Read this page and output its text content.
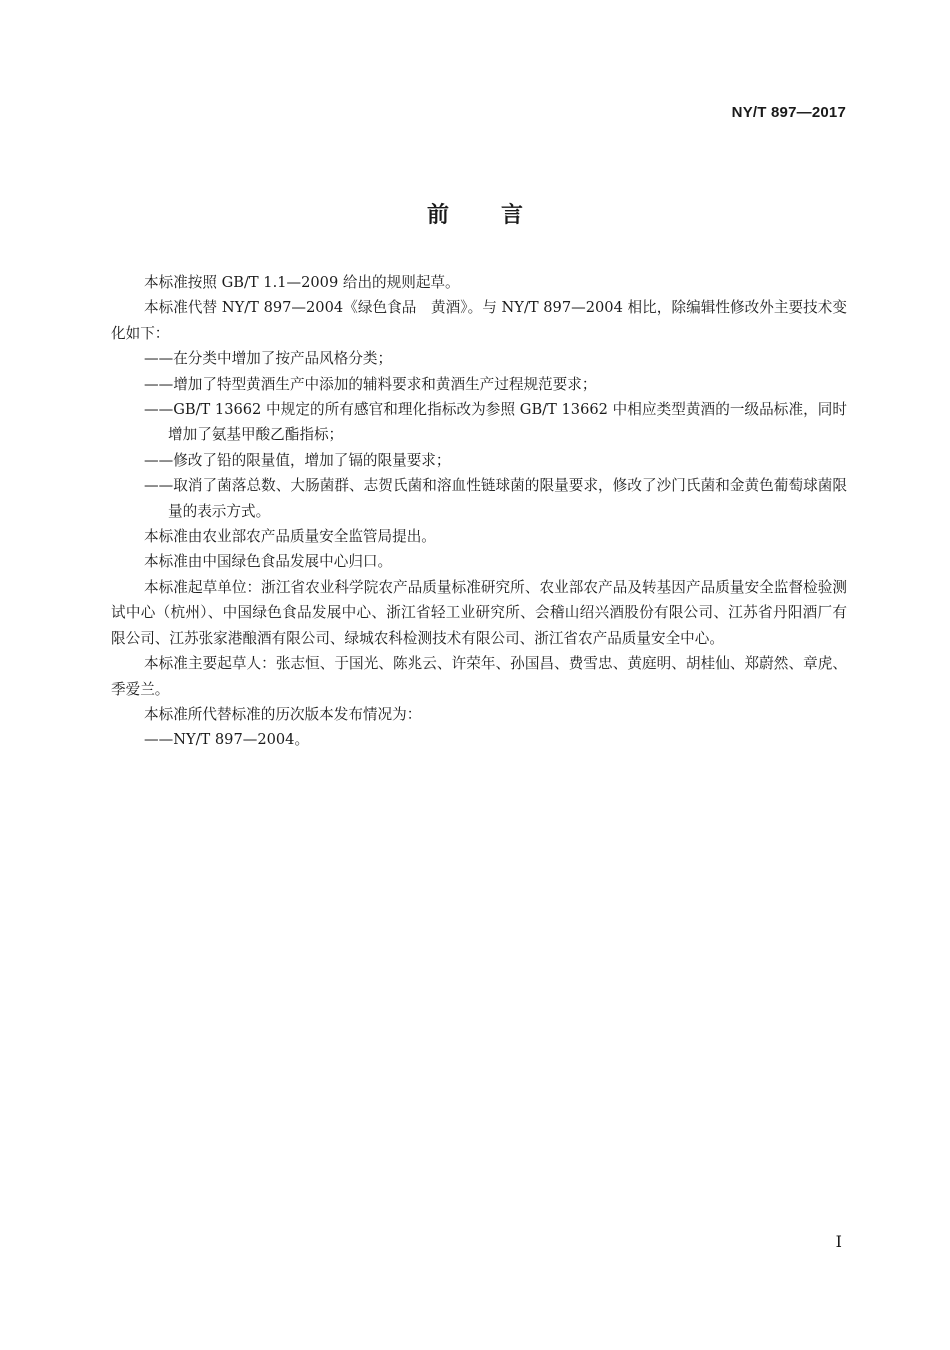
NY/T 897—2017
前言

本标准按照 GB/T 1.1—2009 给出的规则起草。

本标准代替 NY/T 897—2004《绿色食品　黄酒》。与 NY/T 897—2004 相比，除编辑性修改外主要技术变化如下：

——在分类中增加了按产品风格分类；

——增加了特型黄酒生产中添加的辅料要求和黄酒生产过程规范要求；

——GB/T 13662 中规定的所有感官和理化指标改为参照 GB/T 13662 中相应类型黄酒的一级品标准，同时增加了氨基甲酸乙酯指标；

——修改了铅的限量值，增加了镉的限量要求；

——取消了菌落总数、大肠菌群、志贺氏菌和溶血性链球菌的限量要求，修改了沙门氏菌和金黄色葡萄球菌限量的表示方式。

本标准由农业部农产品质量安全监管局提出。

本标准由中国绿色食品发展中心归口。

本标准起草单位：浙江省农业科学院农产品质量标准研究所、农业部农产品及转基因产品质量安全监督检验测试中心（杭州）、中国绿色食品发展中心、浙江省轻工业研究所、会稽山绍兴酒股份有限公司、江苏省丹阳酒厂有限公司、江苏张家港酿酒有限公司、绿城农科检测技术有限公司、浙江省农产品质量安全中心。

本标准主要起草人：张志恒、于国光、陈兆云、许荣年、孙国昌、费雪忠、黄庭明、胡桂仙、郑蔚然、章虎、季爱兰。

本标准所代替标准的历次版本发布情况为：

——NY/T 897—2004。

I
